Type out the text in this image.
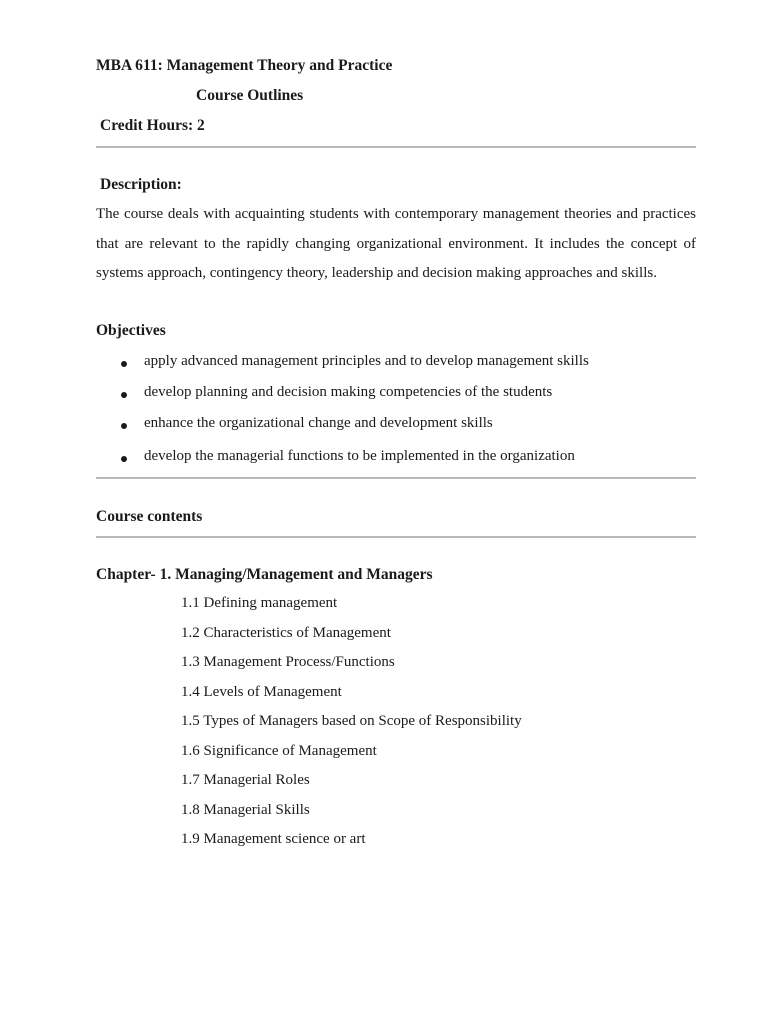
MBA 611: Management Theory and Practice
Course Outlines
Credit Hours: 2
Description:
The course deals with acquainting students with contemporary management theories and practices that are relevant to the rapidly changing organizational environment. It includes the concept of systems approach, contingency theory, leadership and decision making approaches and skills.
Objectives
apply advanced management principles and to develop management skills
develop planning and decision making competencies of the students
enhance the organizational change and development skills
develop the managerial functions to be implemented in the organization
Course contents
Chapter- 1. Managing/Management and Managers
1.1 Defining management
1.2 Characteristics of Management
1.3 Management Process/Functions
1.4 Levels of Management
1.5 Types of Managers based on Scope of Responsibility
1.6 Significance of Management
1.7 Managerial Roles
1.8 Managerial Skills
1.9 Management science or art
